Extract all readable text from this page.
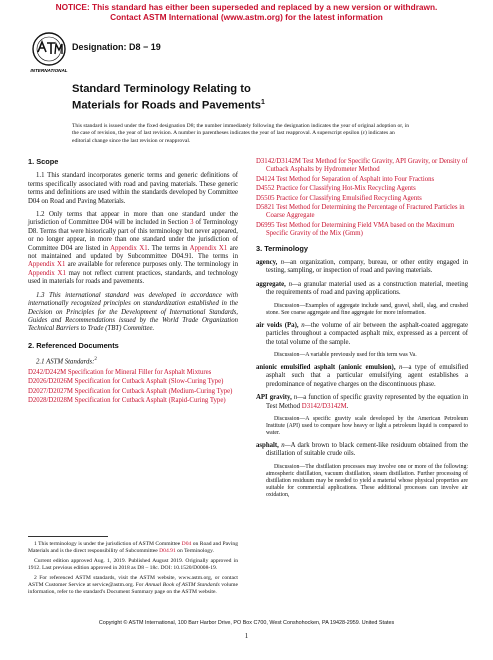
NOTICE: This standard has either been superseded and replaced by a new version or withdrawn.
Contact ASTM International (www.astm.org) for the latest information
INTERNATIONAL
Designation: D8 − 19
Standard Terminology Relating to
Materials for Roads and Pavements$^1$
This standard is issued under the fixed designation D8; the number immediately following the designation indicates the year of original adoption or, in the case of revision, the year of last revision. A number in parentheses indicates the year of last reapproval. A superscript epsilon (ε) indicates an editorial change since the last revision or reapproval.
1. Scope

1.1 This standard incorporates generic terms and generic definitions of terms specifically associated with road and paving materials. These generic terms and definitions are used within the standards developed by Committee D04 on Road and Paving Materials.

1.2 Only terms that appear in more than one standard under the jurisdiction of Committee D04 will be included in Section 3 of Terminology D8. Terms that were historically part of this terminology but never appeared, or no longer appear, in more than one standard under the jurisdiction of Committee D04 are listed in Appendix X1. The terms in Appendix X1 are not maintained and updated by Subcommittee D04.91. The terms in Appendix X1 are available for reference purposes only. The terminology in Appendix X1 may not reflect current practices, standards, and technology used in materials for roads and pavements.

1.3 This international standard was developed in accordance with internationally recognized principles on standardization established in the Decision on Principles for the Development of International Standards, Guides and Recommendations issued by the World Trade Organization Technical Barriers to Trade (TBT) Committee.

2. Referenced Documents
2.1 ASTM Standards:$^2$
D242/D242M Specification for Mineral Filler for Asphalt Mixtures
D2026/D2026M Specification for Cutback Asphalt (Slow-Curing Type)
D2027/D2027M Specification for Cutback Asphalt (Medium-Curing Type)
D2028/D2028M Specification for Cutback Asphalt (Rapid-Curing Type)
D3142/D3142M Test Method for Specific Gravity, API Gravity, or Density of Cutback Asphalts by Hydrometer Method
D4124 Test Method for Separation of Asphalt into Four Fractions
D4552 Practice for Classifying Hot-Mix Recycling Agents
D5505 Practice for Classifying Emulsified Recycling Agents
D5821 Test Method for Determining the Percentage of Fractured Particles in Coarse Aggregate
D6995 Test Method for Determining Field VMA based on the Maximum Specific Gravity of the Mix (Gmm)
3. Terminology
agency, n—an organization, company, bureau, or other entity engaged in testing, sampling, or inspection of road and paving materials.
aggregate, n—a granular material used as a construction material, meeting the requirements of road and paving applications.
Discussion—Examples of aggregate include sand, gravel, shell, slag, and crushed stone. See coarse aggregate and fine aggregate for more information.
air voids (Pa), n—the volume of air between the asphalt-coated aggregate particles throughout a compacted asphalt mix, expressed as a percent of the total volume of the sample.
Discussion—A variable previously used for this term was Va.
anionic emulsified asphalt (anionic emulsion), n—a type of emulsified asphalt such that a particular emulsifying agent establishes a predominance of negative charges on the discontinuous phase.
API gravity, n—a function of specific gravity represented by the equation in Test Method D3142/D3142M.
Discussion—A specific gravity scale developed by the American Petroleum Institute (API) used to compare how heavy or light a petroleum liquid is compared to water.
asphalt, n—A dark brown to black cement-like residuum obtained from the distillation of suitable crude oils.
Discussion—The distillation processes may involve one or more of the following: atmospheric distillation, vacuum distillation, steam distillation. Further processing of distillation residuum may be needed to yield a material whose physical properties are suitable for commercial applications. These additional processes can involve air oxidation,

1 This terminology is under the jurisdiction of ASTM Committee D04 on Road and Paving Materials and is the direct responsibility of Subcommittee D04.91 on Terminology.

Current edition approved Aug. 1, 2019. Published August 2019. Originally approved in 1912. Last previous edition approved in 2018 as D8 – 18c. DOI: 10.1520/D0008-19.

2 For referenced ASTM standards, visit the ASTM website, www.astm.org, or contact ASTM Customer Service at service@astm.org. For Annual Book of ASTM Standards volume information, refer to the standard's Document Summary page on the ASTM website.

Copyright © ASTM International, 100 Barr Harbor Drive, PO Box C700, West Conshohocken, PA 19428-2959. United States
1
